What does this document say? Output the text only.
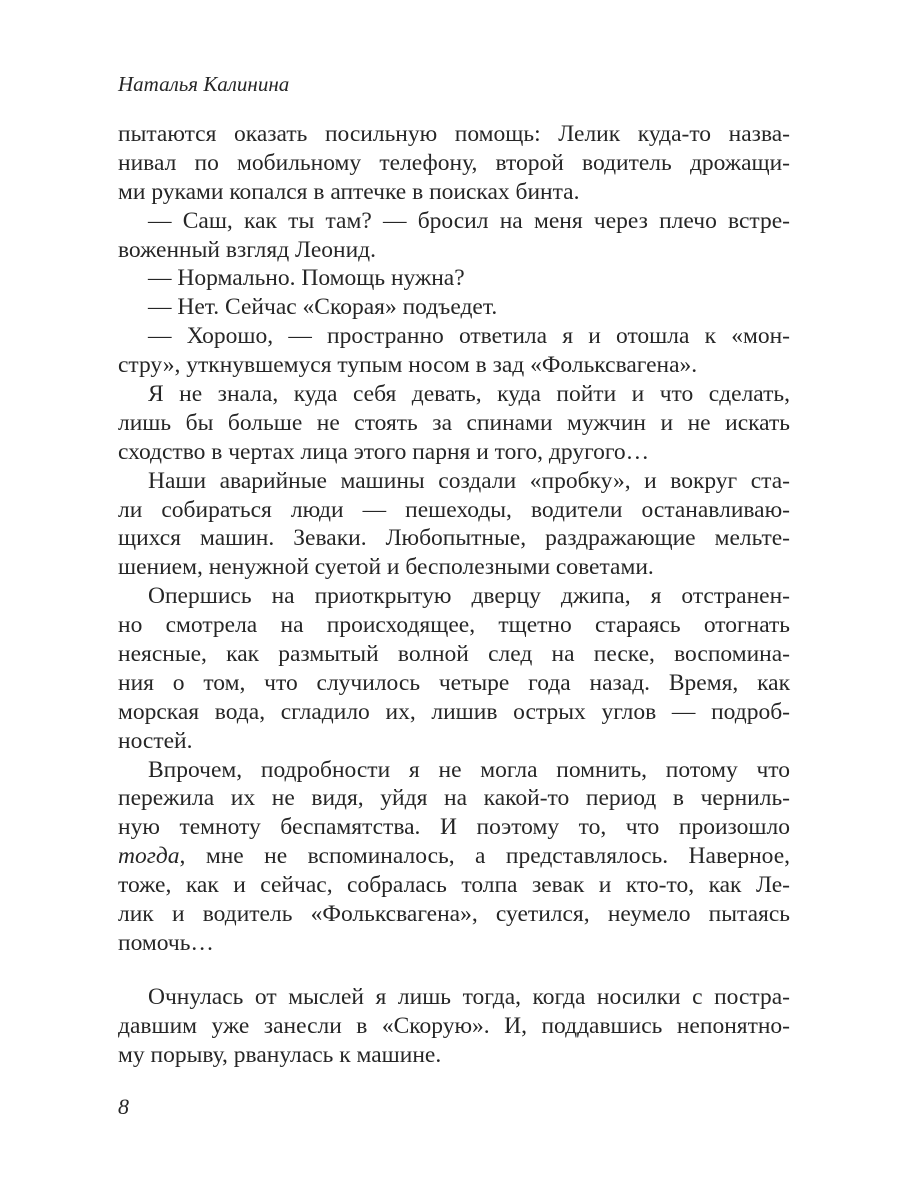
Наталья Калинина
пытаются оказать посильную помощь: Лелик куда-то назва-
нивал по мобильному телефону, второй водитель дрожащи-
ми руками копался в аптечке в поисках бинта.
— Саш, как ты там? — бросил на меня через плечо встре-
воженный взгляд Леонид.
— Нормально. Помощь нужна?
— Нет. Сейчас «Скорая» подъедет.
— Хорошо, — пространно ответила я и отошла к «мон-
стру», уткнувшемуся тупым носом в зад «Фольксвагена».
Я не знала, куда себя девать, куда пойти и что сделать,
лишь бы больше не стоять за спинами мужчин и не искать
сходство в чертах лица этого парня и того, другого…
Наши аварийные машины создали «пробку», и вокруг ста-
ли собираться люди — пешеходы, водители останавливаю-
щихся машин. Зеваки. Любопытные, раздражающие мельте-
шением, ненужной суетой и бесполезными советами.
Опершись на приоткрытую дверцу джипа, я отстранен-
но смотрела на происходящее, тщетно стараясь отогнать
неясные, как размытый волной след на песке, воспомина-
ния о том, что случилось четыре года назад. Время, как
морская вода, сгладило их, лишив острых углов — подроб-
ностей.
Впрочем, подробности я не могла помнить, потому что
пережила их не видя, уйдя на какой-то период в черниль-
ную темноту беспамятства. И поэтому то, что произошло
тогда, мне не вспоминалось, а представлялось. Наверное,
тоже, как и сейчас, собралась толпа зевак и кто-то, как Ле-
лик и водитель «Фольксвагена», суетился, неумело пытаясь
помочь…
Очнулась от мыслей я лишь тогда, когда носилки с постра-
давшим уже занесли в «Скорую». И, поддавшись непонятно-
му порыву, рванулась к машине.
8
